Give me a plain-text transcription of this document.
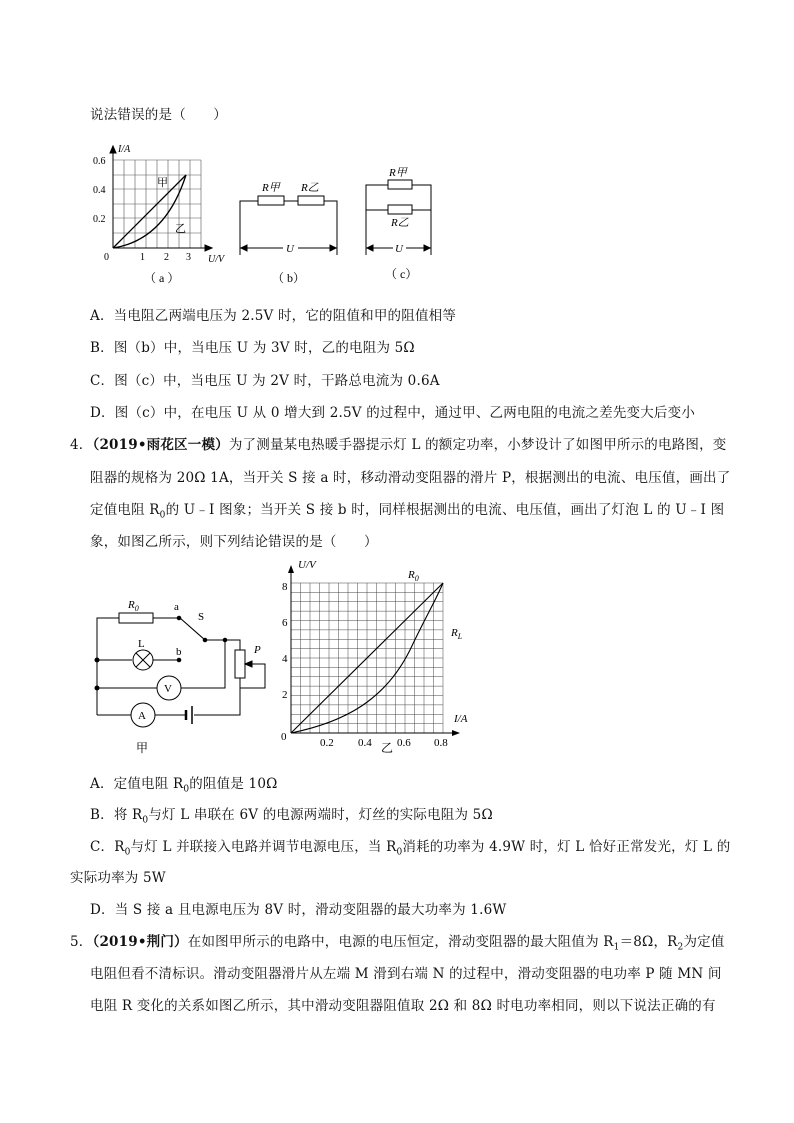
说法错误的是（　　）
I/A
0.6
0.4
0.2
0	1 2 3 U/V
甲
乙
（ a ）
R甲 R乙
U
（ b）
R甲
R乙
U
（ c）
A．当电阻乙两端电压为 2.5V 时，它的阻值和甲的阻值相等
B．图（b）中，当电压 U 为 3V 时，乙的电阻为 5Ω
C．图（c）中，当电压 U 为 2V 时，干路总电流为 0.6A
D．图（c）中，在电压 U 从 0 增大到 2.5V 的过程中，通过甲、乙两电阻的电流之差先变大后变小
4．（2019•雨花区一模）为了测量某电热暖手器提示灯 L 的额定功率，小梦设计了如图甲所示的电路图，变
阻器的规格为 20Ω 1A，当开关 S 接 a 时，移动滑动变阻器的滑片 P，根据测出的电流、电压值，画出了
定值电阻 $R_0$的 U﹣I 图象；当开关 S 接 b 时，同样根据测出的电流、电压值，画出了灯泡 L 的 U﹣I 图
象，如图乙所示，则下列结论错误的是（　　）
$R_0$	a
S
L
b	P
V
A
甲
U/V
8
6
4
2
0	0.2 0.4 0.6 0.8
I/A
$R_0$
$R_L$
乙
A．定值电阻 $R_0$的阻值是 10Ω
B．将 $R_0$与灯 L 串联在 6V 的电源两端时，灯丝的实际电阻为 5Ω
C．$R_0$与灯 L 并联接入电路并调节电源电压，当 $R_0$消耗的功率为 4.9W 时，灯 L 恰好正常发光，灯 L 的
实际功率为 5W
D．当 S 接 a 且电源电压为 8V 时，滑动变阻器的最大功率为 1.6W
5．（2019•荆门）在如图甲所示的电路中，电源的电压恒定，滑动变阻器的最大阻值为 $R_1=8\Omega$，$R_2$为定值
电阻但看不清标识。滑动变阻器滑片从左端 M 滑到右端 N 的过程中，滑动变阻器的电功率 P 随 MN 间
电阻 R 变化的关系如图乙所示，其中滑动变阻器阻值取 2Ω 和 8Ω 时电功率相同，则以下说法正确的有
